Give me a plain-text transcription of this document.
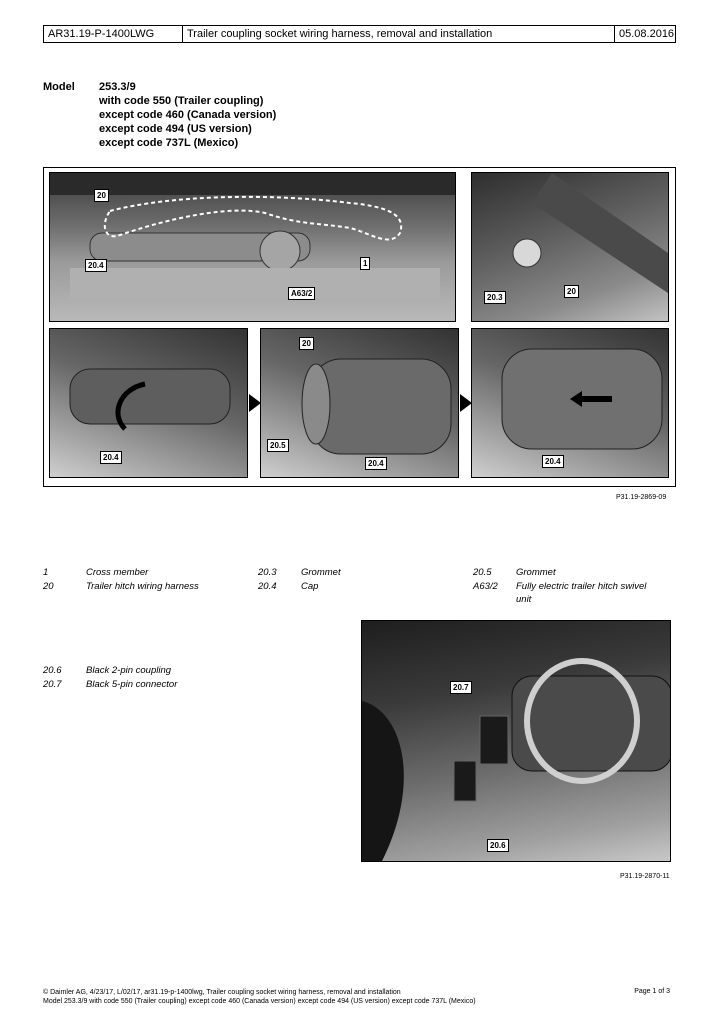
AR31.19-P-1400LWG	Trailer coupling socket wiring harness, removal and installation	05.08.2016
Model 253.3/9
with code 550 (Trailer coupling)
except code 460 (Canada version)
except code 494 (US version)
except code 737L (Mexico)
20
20.4	1
A63/2	20.3
20
20.4
20
20.5
20.4	20.4
P31.19-2869-09
1	Cross member
20	Trailer hitch wiring harness
20.3	Grommet
20.4	Cap
20.5	Grommet
A63/2 Fully electric trailer hitch swivel unit
20.6	Black 2-pin coupling
20.7	Black 5-pin connector	20.7
20.6
P31.19-2870-11
© Daimler AG, 4/23/17, L/02/17, ar31.19-p-1400lwg, Trailer coupling socket wiring harness, removal and installation
Model 253.3/9 with code 550 (Trailer coupling) except code 460 (Canada version) except code 494 (US version) except code 737L (Mexico)
Page 1 of 3
